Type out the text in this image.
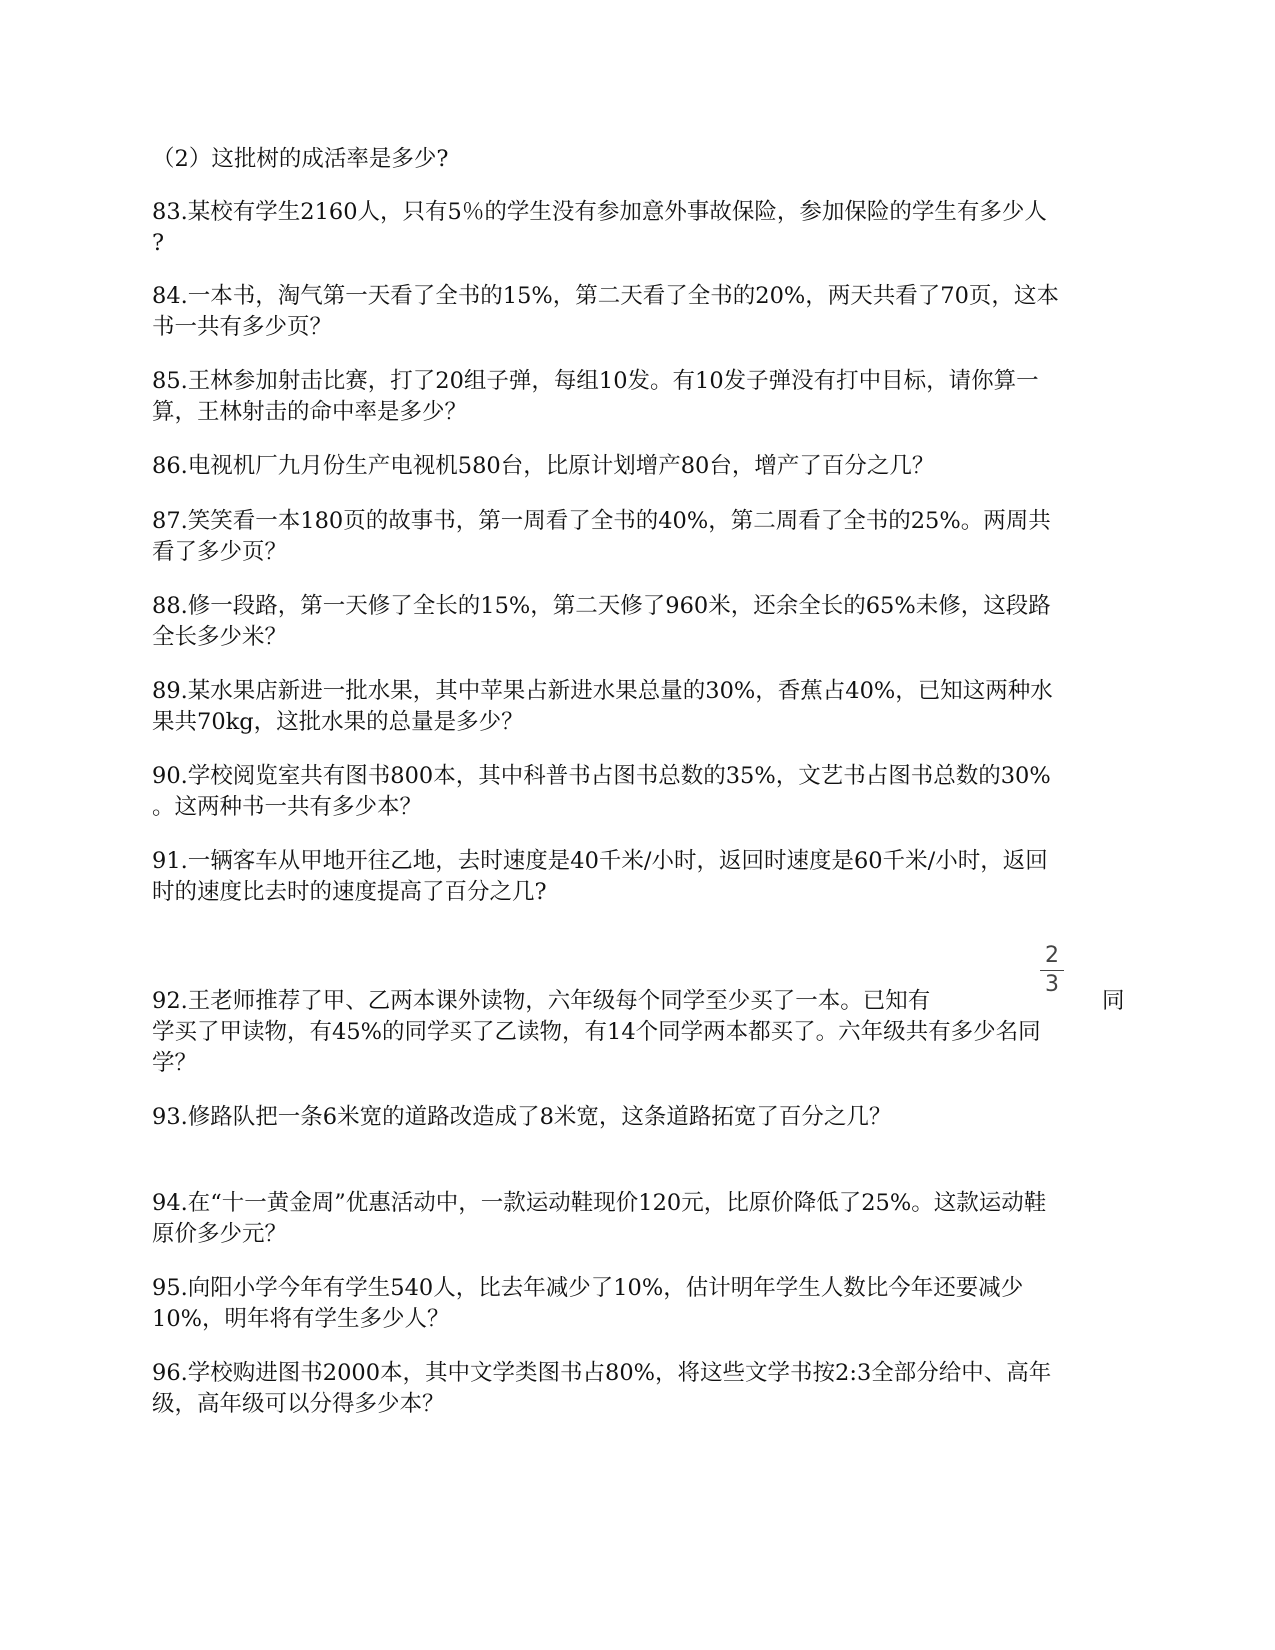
（2）这批树的成活率是多少?
83.某校有学生2160人，只有5％的学生没有参加意外事故保险，参加保险的学生有多少人
?
84.一本书，淘气第一天看了全书的15%，第二天看了全书的20%，两天共看了70页，这本
书一共有多少页？
85.王林参加射击比赛，打了20组子弹，每组10发。有10发子弹没有打中目标，请你算一
算，王林射击的命中率是多少？
86.电视机厂九月份生产电视机580台，比原计划增产80台，增产了百分之几？
87.笑笑看一本180页的故事书，第一周看了全书的40%，第二周看了全书的25%。两周共
看了多少页？
88.修一段路，第一天修了全长的15%，第二天修了960米，还余全长的65%未修，这段路
全长多少米？
89.某水果店新进一批水果，其中苹果占新进水果总量的30%，香蕉占40%，已知这两种水
果共70kg，这批水果的总量是多少？
90.学校阅览室共有图书800本，其中科普书占图书总数的35%，文艺书占图书总数的30%
。这两种书一共有多少本？
91.一辆客车从甲地开往乙地，去时速度是40千米/小时，返回时速度是60千米/小时，返回
时的速度比去时的速度提高了百分之几?
2
3
92.王老师推荐了甲、乙两本课外读物，六年级每个同学至少买了一本。已知有	同
学买了甲读物，有45%的同学买了乙读物，有14个同学两本都买了。六年级共有多少名同
学？
93.修路队把一条6米宽的道路改造成了8米宽，这条道路拓宽了百分之几？
94.在“十一黄金周”优惠活动中，一款运动鞋现价120元，比原价降低了25%。这款运动鞋
原价多少元？
95.向阳小学今年有学生540人，比去年减少了10%，估计明年学生人数比今年还要减少
10%，明年将有学生多少人？
96.学校购进图书2000本，其中文学类图书占80%，将这些文学书按2:3全部分给中、高年
级，高年级可以分得多少本？
